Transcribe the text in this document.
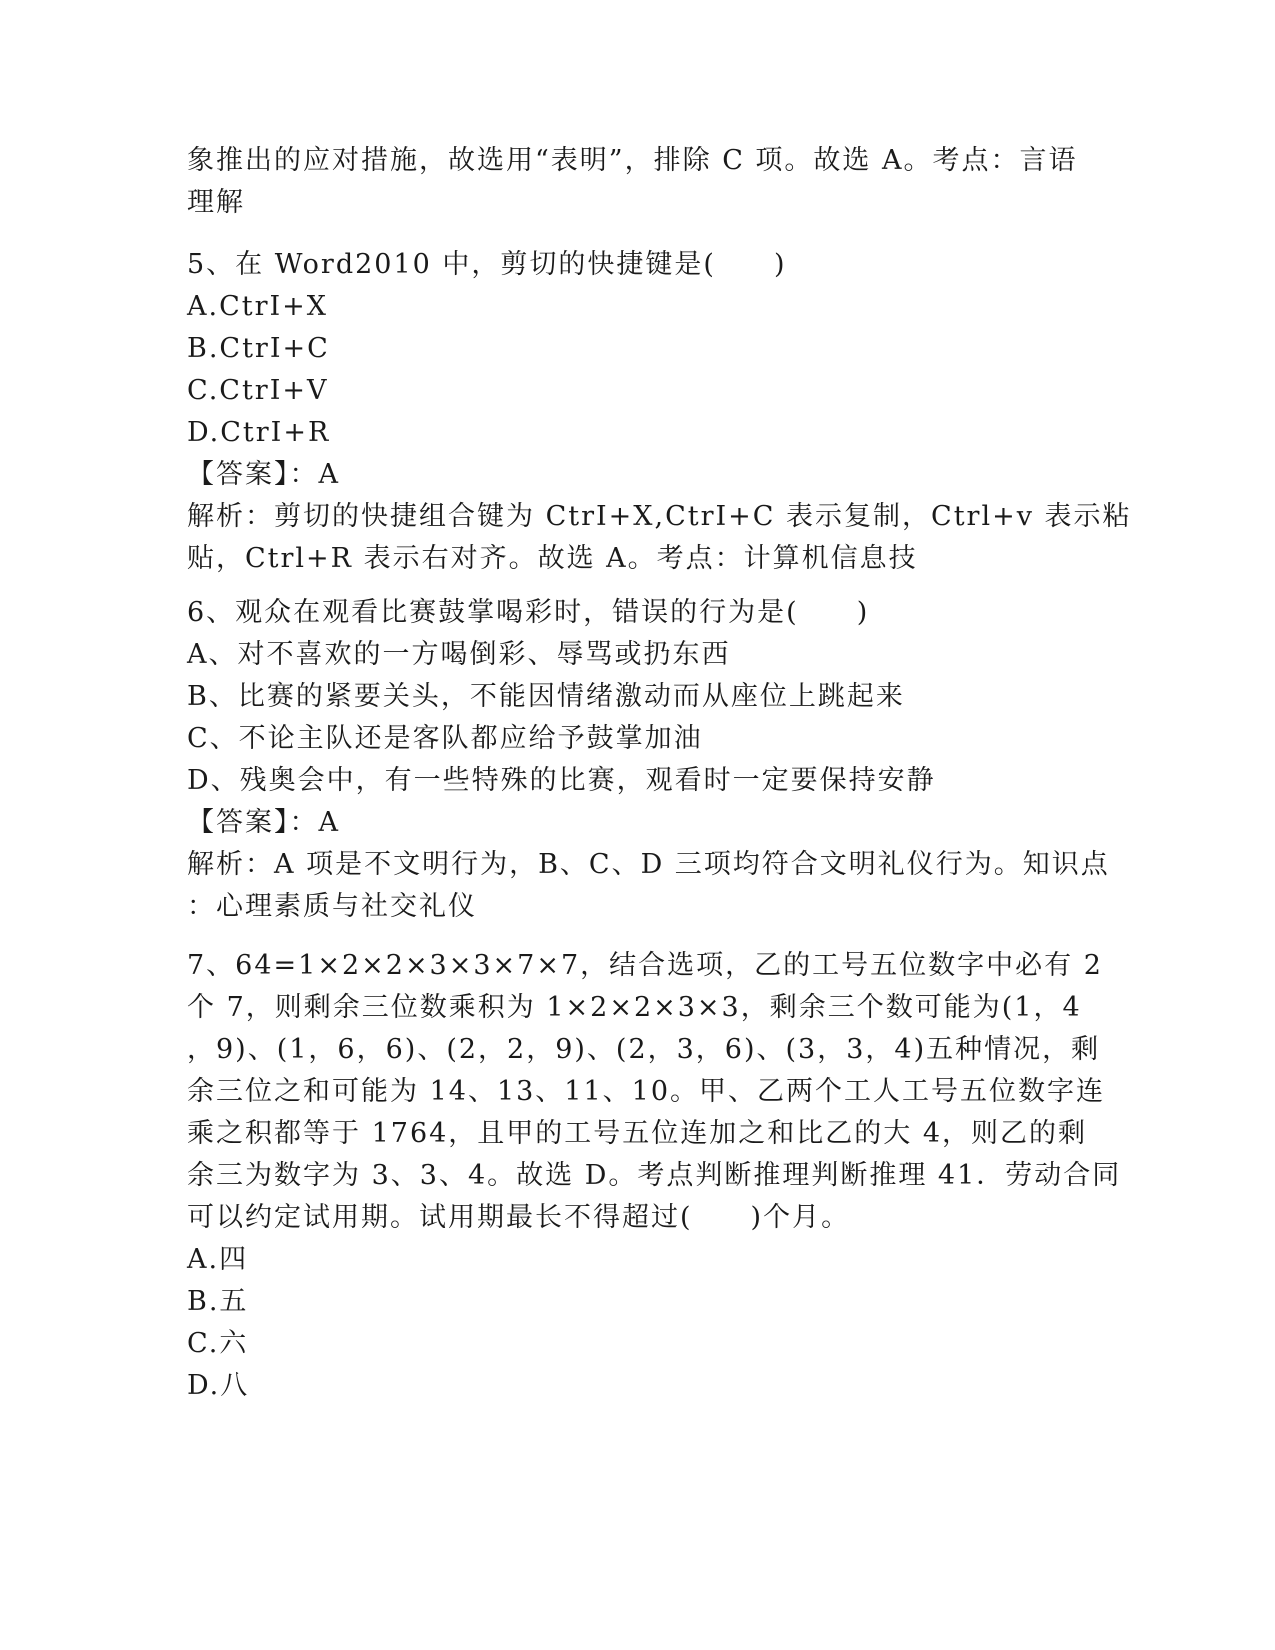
象推出的应对措施，故选用“表明”，排除 C 项。故选 A。考点：言语
理解
5、在 Word2010 中，剪切的快捷键是(　　)
A.CtrI+X
B.CtrI+C
C.CtrI+V
D.CtrI+R
【答案】：A
解析：剪切的快捷组合键为 CtrI+X,CtrI+C 表示复制，Ctrl+v 表示粘
贴，Ctrl+R 表示右对齐。故选 A。考点：计算机信息技
6、观众在观看比赛鼓掌喝彩时，错误的行为是(　　)
A、对不喜欢的一方喝倒彩、辱骂或扔东西
B、比赛的紧要关头，不能因情绪激动而从座位上跳起来
C、不论主队还是客队都应给予鼓掌加油
D、残奥会中，有一些特殊的比赛，观看时一定要保持安静
【答案】：A
解析：A 项是不文明行为，B、C、D 三项均符合文明礼仪行为。知识点
：心理素质与社交礼仪
7、64=1×2×2×3×3×7×7，结合选项，乙的工号五位数字中必有 2
个 7，则剩余三位数乘积为 1×2×2×3×3，剩余三个数可能为(1，4
，9)、(1，6，6)、(2，2，9)、(2，3，6)、(3，3，4)五种情况，剩
余三位之和可能为 14、13、11、10。甲、乙两个工人工号五位数字连
乘之积都等于 1764，且甲的工号五位连加之和比乙的大 4，则乙的剩
余三为数字为 3、3、4。故选 D。考点判断推理判断推理 41．劳动合同
可以约定试用期。试用期最长不得超过(　　)个月。
A.四
B.五
C.六
D.八
